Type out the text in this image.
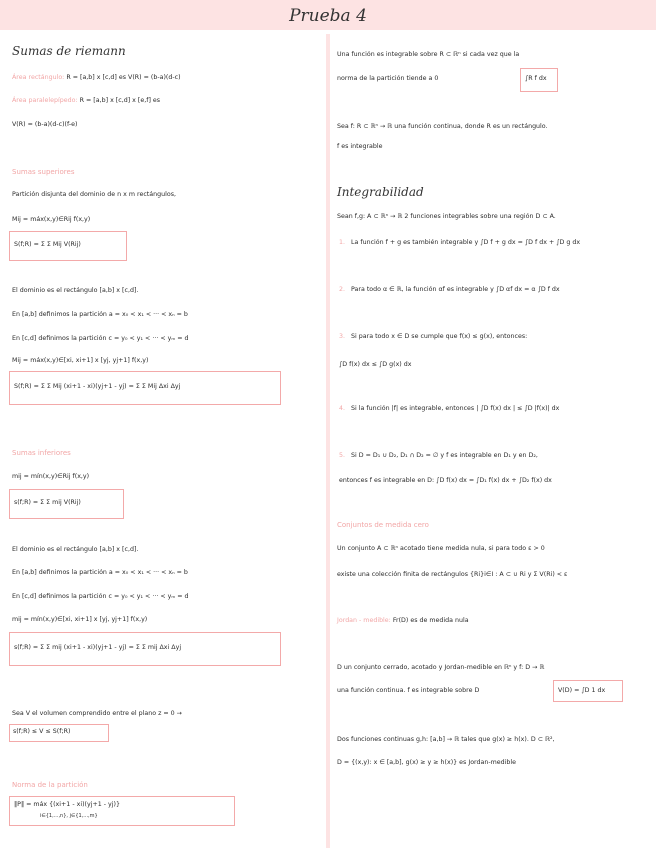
Prueba 4
Sumas de riemann
Área rectángulo: R = [a,b] x [c,d] es V(R) = (b-a)(d-c)
Área paralelepípedo: R = [a,b] x [c,d] x [e,f] es
V(R) = (b-a)(d-c)(f-e)
Sumas superiores
Partición disjunta del dominio de n x m rectángulos,
Mij = máx(x,y)∈Rij f(x,y)
S(f;R) = Σ Σ Mij V(Rij)
El dominio es el rectángulo [a,b] x [c,d].
En [a,b] definimos la partición a = x₀ < x₁ < ··· < xₙ = b
En [c,d] definimos la partición c = y₀ < y₁ < ··· < yₘ = d
Mij = máx(x,y)∈[xi, xi+1] x [yj, yj+1] f(x,y)
S(f;R) = Σ Σ Mij (xi+1 - xi)(yj+1 - yj) = Σ Σ Mij Δxi Δyj
Sumas inferiores
mij = mín(x,y)∈Rij f(x,y)
s(f;R) = Σ Σ mij V(Rij)
El dominio es el rectángulo [a,b] x [c,d].
En [a,b] definimos la partición a = x₀ < x₁ < ··· < xₙ = b
En [c,d] definimos la partición c = y₀ < y₁ < ··· < yₘ = d
mij = mín(x,y)∈[xi, xi+1] x [yj, yj+1] f(x,y)
s(f;R) = Σ Σ mij (xi+1 - xi)(yj+1 - yj) = Σ Σ mij Δxi Δyj
Sea V el volumen comprendido entre el plano z = 0 →
s(f;R) ≤ V ≤ S(f;R)
Norma de la partición
‖P‖ = máx {(xi+1 - xi)(yj+1 - yj)}
i∈{1,...,n}, j∈{1,...,m}
Una función es integrable sobre R ⊂ ℝⁿ si cada vez que la
norma de la partición tiende a 0	∫R f dx
Sea f: R ⊂ ℝⁿ → ℝ una función continua, donde R es un rectángulo.
f es integrable
Integrabilidad
Sean f,g: A ⊂ ℝⁿ → ℝ 2 funciones integrables sobre una región D ⊂ A.
1. La función f + g es también integrable y ∫D f + g dx = ∫D f dx + ∫D g dx
2. Para todo α ∈ ℝ, la función αf es integrable y ∫D αf dx = α ∫D f dx
3. Si para todo x ∈ D se cumple que f(x) ≤ g(x), entonces:
∫D f(x) dx ≤ ∫D g(x) dx
4. Si la función |f| es integrable, entonces | ∫D f(x) dx | ≤ ∫D |f(x)| dx
5. Si D = D₁ ∪ D₂, D₁ ∩ D₂ = ∅ y f es integrable en D₁ y en D₂,
entonces f es integrable en D: ∫D f(x) dx = ∫D₁ f(x) dx + ∫D₂ f(x) dx
Conjuntos de medida cero
Un conjunto A ⊂ ℝⁿ acotado tiene medida nula, si para todo ε > 0
existe una colección finita de rectángulos {Ri}i∈I : A ⊂ ∪ Ri y Σ V(Ri) < ε
Jordan - medible: Fr(D) es de medida nula
D un conjunto cerrado, acotado y Jordan-medible en ℝⁿ y f: D → ℝ
una función continua. f es integrable sobre D	V(D) = ∫D 1 dx
Dos funciones continuas g,h: [a,b] → ℝ tales que g(x) ≥ h(x). D ⊂ ℝ²,
D = {(x,y): x ∈ [a,b], g(x) ≥ y ≥ h(x)} es Jordan-medible
